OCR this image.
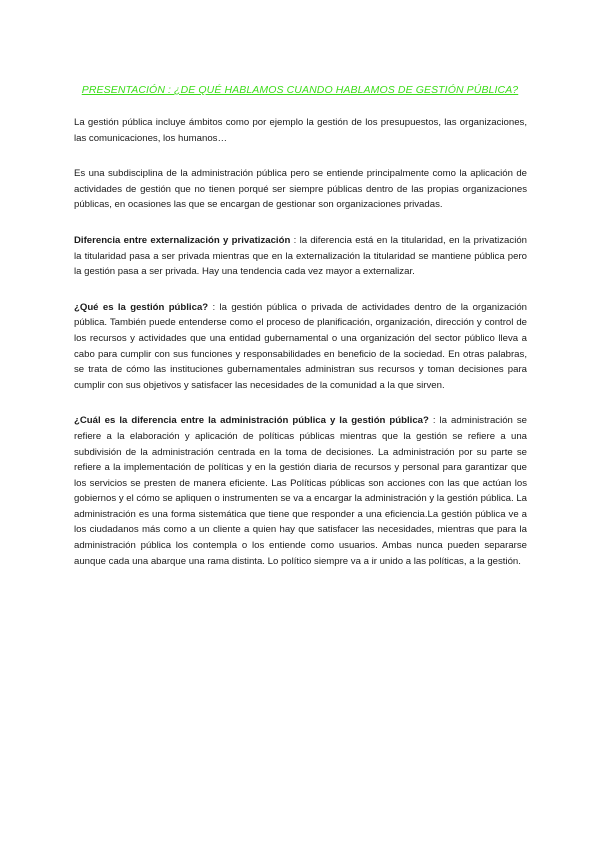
PRESENTACIÓN : ¿DE QUÉ HABLAMOS CUANDO HABLAMOS DE GESTIÓN PÚBLICA?

La gestión pública incluye ámbitos como por ejemplo la gestión de los presupuestos, las organizaciones, las comunicaciones, los humanos…

Es una subdisciplina de la administración pública pero se entiende principalmente como la aplicación de actividades de gestión que no tienen porqué ser siempre públicas dentro de las propias organizaciones públicas, en ocasiones las que se encargan de gestionar son organizaciones privadas.

Diferencia entre externalización y privatización : la diferencia está en la titularidad, en la privatización la titularidad pasa a ser privada mientras que en la externalización la titularidad se mantiene pública pero la gestión pasa a ser privada. Hay una tendencia cada vez mayor a externalizar.

¿Qué es la gestión pública? : la gestión pública o privada de actividades dentro de la organización pública. También puede entenderse como el proceso de planificación, organización, dirección y control de los recursos y actividades que una entidad gubernamental o una organización del sector público lleva a cabo para cumplir con sus funciones y responsabilidades en beneficio de la sociedad. En otras palabras, se trata de cómo las instituciones gubernamentales administran sus recursos y toman decisiones para cumplir con sus objetivos y satisfacer las necesidades de la comunidad a la que sirven.

¿Cuál es la diferencia entre la administración pública y la gestión pública? : la administración se refiere a la elaboración y aplicación de políticas públicas mientras que la gestión se refiere a una subdivisión de la administración centrada en la toma de decisiones. La administración por su parte se refiere a la implementación de políticas y en la gestión diaria de recursos y personal para garantizar que los servicios se presten de manera eficiente. Las Políticas públicas son acciones con las que actúan los gobiernos y el cómo se apliquen o instrumenten se va a encargar la administración y la gestión pública. La administración es una forma sistemática que tiene que responder a una eficiencia.La gestión pública ve a los ciudadanos más como a un cliente a quien hay que satisfacer las necesidades, mientras que para la administración pública los contempla o los entiende como usuarios. Ambas nunca pueden separarse aunque cada una abarque una rama distinta. Lo político siempre va a ir unido a las políticas, a la gestión.
